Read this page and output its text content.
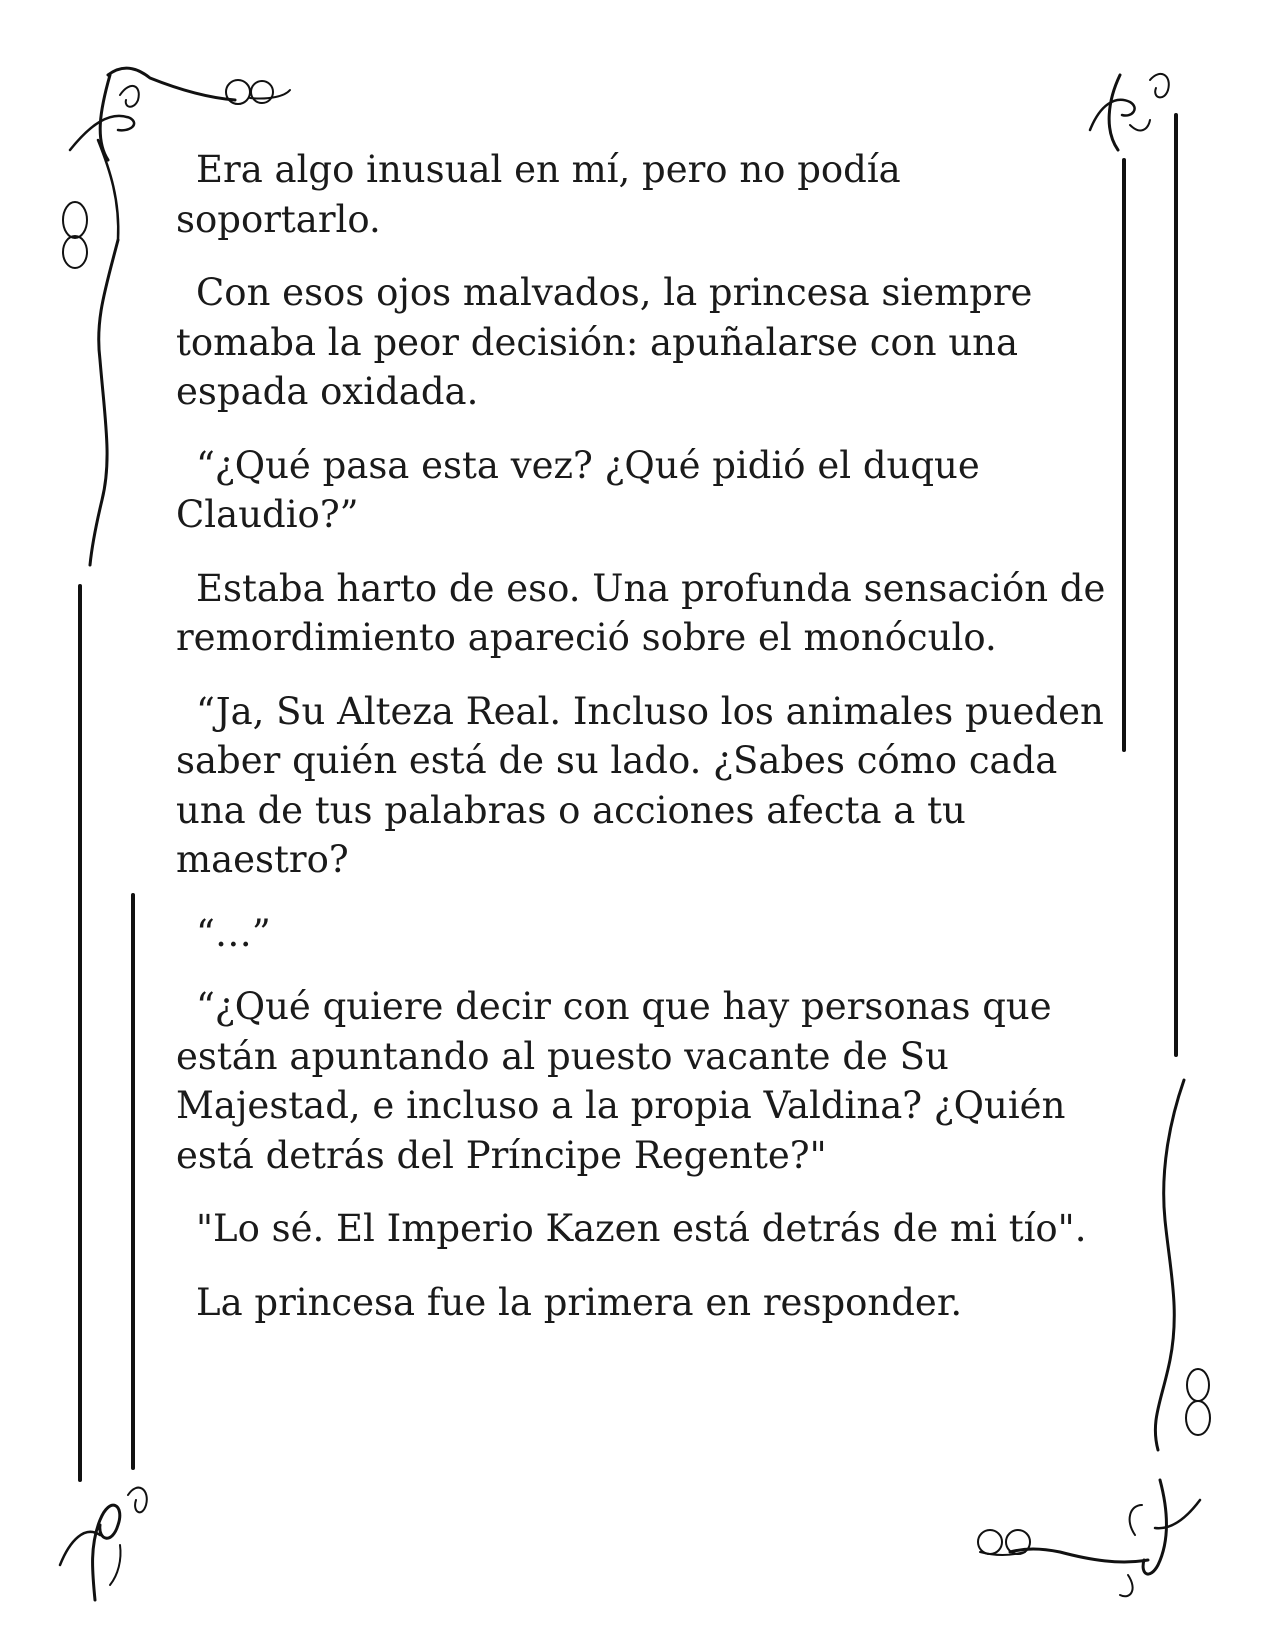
Era algo inusual en mí, pero no podía soportarlo.

Con esos ojos malvados, la princesa siempre tomaba la peor decisión: apuñalarse con una espada oxidada.

“¿Qué pasa esta vez? ¿Qué pidió el duque Claudio?”

Estaba harto de eso. Una profunda sensación de remordimiento apareció sobre el monóculo.

“Ja, Su Alteza Real. Incluso los animales pueden saber quién está de su lado. ¿Sabes cómo cada una de tus palabras o acciones afecta a tu maestro?

“…”

“¿Qué quiere decir con que hay personas que están apuntando al puesto vacante de Su Majestad, e incluso a la propia Valdina? ¿Quién está detrás del Príncipe Regente?"

"Lo sé. El Imperio Kazen está detrás de mi tío".

La princesa fue la primera en responder.
